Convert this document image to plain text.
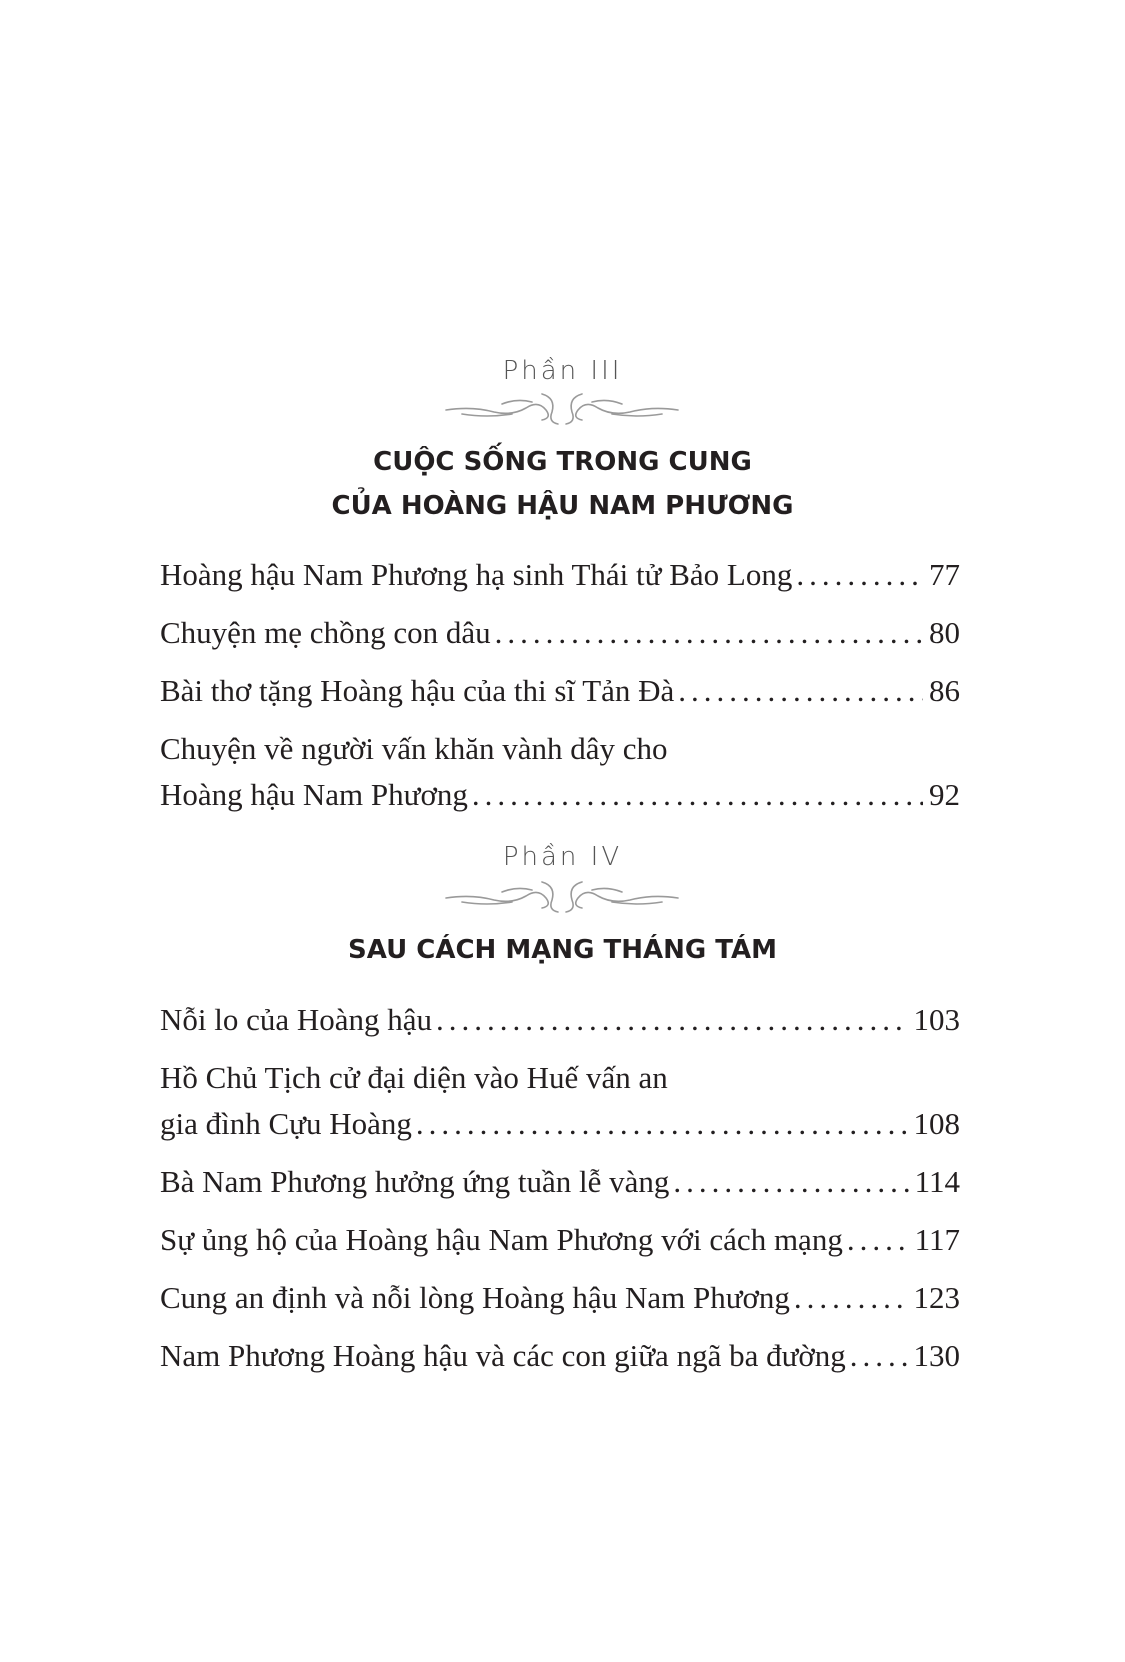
Phần III
CUỘC SỐNG TRONG CUNG
CỦA HOÀNG HẬU NAM PHƯƠNG
Hoàng hậu Nam Phương hạ sinh Thái tử Bảo Long .....	77
Chuyện mẹ chồng con dâu .....	80
Bài thơ tặng Hoàng hậu của thi sĩ Tản Đà .....	86
Chuyện về người vấn khăn vành dây cho
Hoàng hậu Nam Phương .....	92
Phần IV
SAU CÁCH MẠNG THÁNG TÁM
Nỗi lo của Hoàng hậu .....	103
Hồ Chủ Tịch cử đại diện vào Huế vấn an
gia đình Cựu Hoàng .....	108
Bà Nam Phương hưởng ứng tuần lễ vàng .....	114
Sự ủng hộ của Hoàng hậu Nam Phương với cách mạng ..... 117
Cung an định và nỗi lòng Hoàng hậu Nam Phương .....	123
Nam Phương Hoàng hậu và các con giữa ngã ba đường ..... 130
